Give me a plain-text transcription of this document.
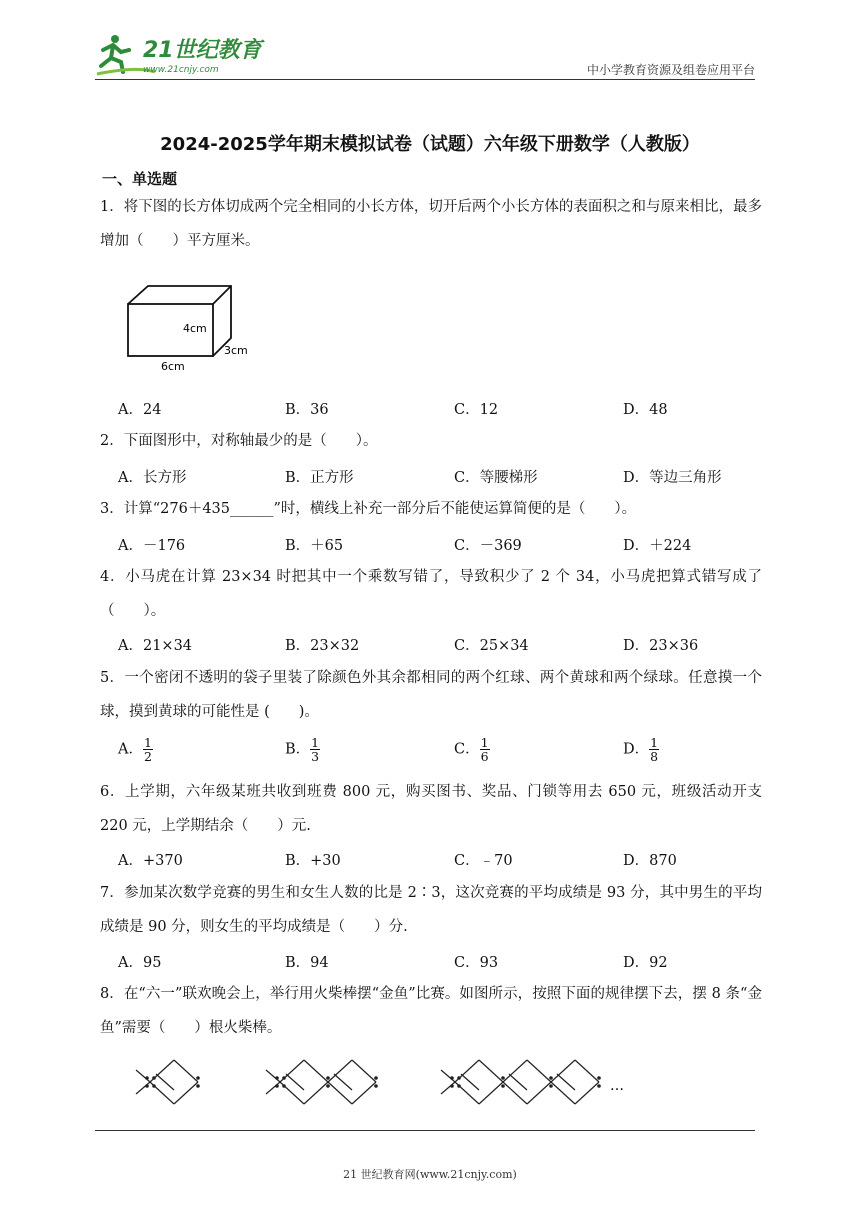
21世纪教育
www.21cnjy.com	中小学教育资源及组卷应用平台
2024-2025学年期末模拟试卷（试题）六年级下册数学（人教版）
一、单选题

1．将下图的长方体切成两个完全相同的小长方体，切开后两个小长方体的表面积之和与原来相比，最多增加（　　）平方厘米。

4cm
3cm
6cm
A．24	B．36	C．12	D．48

2．下面图形中，对称轴最少的是（　　）。

A．长方形	B．正方形	C．等腰梯形	D．等边三角形

3．计算“276＋435______”时，横线上补充一部分后不能使运算简便的是（　　）。

A．－176	B．＋65	C．－369	D．＋224

4．小马虎在计算 23×34 时把其中一个乘数写错了，导致积少了 2 个 34，小马虎把算式错写成了（　　）。

A．21×34	B．23×32	C．25×34	D．23×36

5．一个密闭不透明的袋子里装了除颜色外其余都相同的两个红球、两个黄球和两个绿球。任意摸一个球，摸到黄球的可能性是 (　　)。

A． $\frac{1}{2}$	B． $\frac{1}{3}$	C． $\frac{1}{6}$	D． $\frac{1}{8}$

6．上学期，六年级某班共收到班费 800 元，购买图书、奖品、门锁等用去 650 元，班级活动开支 220 元，上学期结余（　　）元.

A．+370	B．+30	C．﹣70	D．870

7．参加某次数学竞赛的男生和女生人数的比是 2∶3，这次竞赛的平均成绩是 93 分，其中男生的平均成绩是 90 分，则女生的平均成绩是（　　）分.

A．95	B．94	C．93	D．92

8．在“六一”联欢晚会上，举行用火柴棒摆“金鱼”比赛。如图所示，按照下面的规律摆下去，摆 8 条“金鱼”需要（　　）根火柴棒。

…
21 世纪教育网(www.21cnjy.com)
